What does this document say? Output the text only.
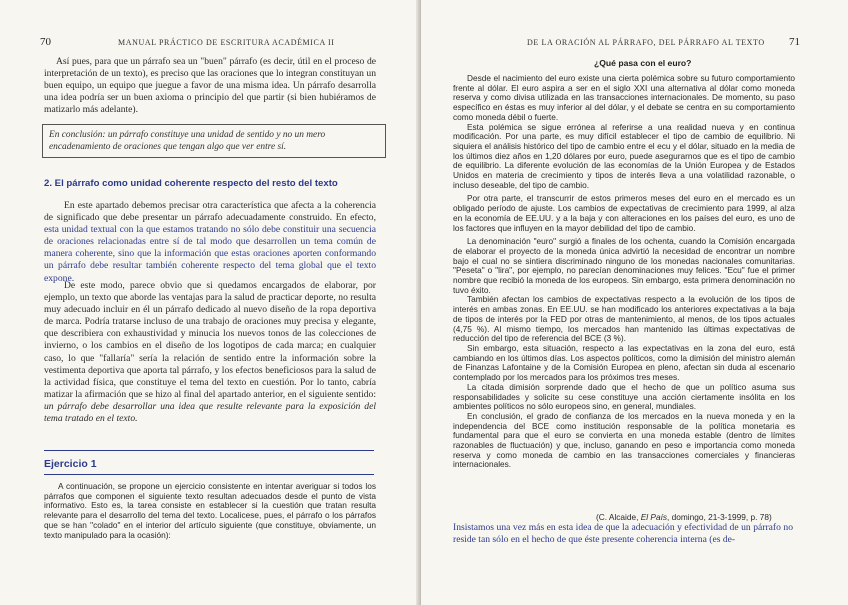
70	MANUAL PRÁCTICO DE ESCRITURA ACADÉMICA II

Así pues, para que un párrafo sea un "buen" párrafo (es decir, útil en el proceso de interpretación de un texto), es preciso que las oraciones que lo integran constituyan un buen equipo, un equipo que juegue a favor de una misma idea. Un párrafo desarrolla una idea podría ser un buen axioma o principio del que partir (si bien hubiéramos de matizarlo más adelante).

En conclusión: un párrafo constituye una unidad de sentido y no un mero encadenamiento de oraciones que tengan algo que ver entre sí.
2. El párrafo como unidad coherente respecto del resto del texto

En este apartado debemos precisar otra característica que afecta a la coherencia de significado que debe presentar un párrafo adecuadamente construido. En efecto, esta unidad textual con la que estamos tratando no sólo debe constituir una secuencia de oraciones relacionadas entre sí de tal modo que desarrollen un tema común de manera coherente, sino que la información que estas oraciones aporten conformando un párrafo debe resultar también coherente respecto del tema global que el texto expone.

De este modo, parece obvio que si quedamos encargados de elaborar, por ejemplo, un texto que aborde las ventajas para la salud de practicar deporte, no resulta muy adecuado incluir en él un párrafo dedicado al nuevo diseño de la ropa deportiva de marca. Podría tratarse incluso de una trabajo de oraciones muy precisa y elegante, que describiera con exhaustividad y minucia los nuevos tonos de las colecciones de invierno, o los cambios en el diseño de los logotipos de cada marca; en cualquier caso, lo que "fallaría" sería la relación de sentido entre la información sobre la vestimenta deportiva que aporta tal párrafo, y los efectos beneficiosos para la salud de la actividad física, que constituye el tema del texto en cuestión. Por lo tanto, cabría matizar la afirmación que se hizo al final del apartado anterior, en el siguiente sentido: un párrafo debe desarrollar una idea que resulte relevante para la exposición del tema tratado en el texto.

Ejercicio 1

A continuación, se propone un ejercicio consistente en intentar averiguar si todos los párrafos que componen el siguiente texto resultan adecuados desde el punto de vista informativo. Esto es, la tarea consiste en establecer si la cuestión que tratan resulta relevante para el desarrollo del tema del texto. Localicese, pues, el párrafo o los párrafos que se han "colado" en el interior del artículo siguiente (que constituye, obviamente, un texto manipulado para la ocasión):

DE LA ORACIÓN AL PÁRRAFO, DEL PÁRRAFO AL TEXTO 71
¿Qué pasa con el euro?

Desde el nacimiento del euro existe una cierta polémica sobre su futuro comportamiento frente al dólar. El euro aspira a ser en el siglo XXI una alternativa al dólar como moneda reserva y como divisa utilizada en las transacciones internacionales. De momento, su paso específico en éstas es muy inferior al del dólar, y el debate se centra en su comportamiento como moneda débil o fuerte.

Esta polémica se sigue errónea al referirse a una realidad nueva y en continua modificación. Por una parte, es muy difícil establecer el tipo de cambio de equilibrio. Ni siquiera el análisis histórico del tipo de cambio entre el ecu y el dólar, situado en la media de los últimos diez años en 1,20 dólares por euro, puede asegurarnos que es el tipo de cambio de equilibrio. La diferente evolución de las economías de la Unión Europea y de Estados Unidos en materia de crecimiento y tipos de interés lleva a una volatilidad razonable, o incluso deseable, del tipo de cambio.

Por otra parte, el transcurrir de estos primeros meses del euro en el mercado es un obligado período de ajuste. Los cambios de expectativas de crecimiento para 1999, al alza en la economía de EE.UU. y a la baja y con alteraciones en los países del euro, es uno de los factores que influyen en la mayor debilidad del tipo de cambio.

La denominación "euro" surgió a finales de los ochenta, cuando la Comisión encargada de elaborar el proyecto de la moneda única advirtió la necesidad de encontrar un nombre bajo el cual no se sintiera discriminado ninguno de los monedas nacionales comunitarias. "Peseta" o "lira", por ejemplo, no parecían denominaciones muy felices. "Ecu" fue el primer nombre que recibió la moneda de los europeos. Sin embargo, esta primera denominación no tuvo éxito.

También afectan los cambios de expectativas respecto a la evolución de los tipos de interés en ambas zonas. En EE.UU. se han modificado los anteriores expectativas a la baja de tipos de interés por la FED por otras de mantenimiento, al menos, de los tipos actuales (4,75 %). Al mismo tiempo, los mercados han mantenido las últimas expectativas de reducción del tipo de referencia del BCE (3 %).

Sin embargo, esta situación, respecto a las expectativas en la zona del euro, está cambiando en los últimos días. Los aspectos políticos, como la dimisión del ministro alemán de Finanzas Lafontaine y de la Comisión Europea en pleno, afectan sin duda al escenario contemplado por los mercados para los próximos tres meses.

La citada dimisión sorprende dado que el hecho de que un político asuma sus responsabilidades y solicite su cese constituye una acción ciertamente insólita en los ambientes políticos no sólo europeos sino, en general, mundiales.

En conclusión, el grado de confianza de los mercados en la nueva moneda y en la independencia del BCE como institución responsable de la política monetaria es fundamental para que el euro se convierta en una moneda estable (dentro de límites razonables de fluctuación) y que, incluso, ganando en peso e importancia como moneda reserva y como moneda de cambio en las transacciones comerciales y financieras internacionales.

(C. Alcaide, El País, domingo, 21-3-1999, p. 78)

Insistamos una vez más en esta idea de que la adecuación y efectividad de un párrafo no reside tan sólo en el hecho de que éste presente coherencia interna (es de-
